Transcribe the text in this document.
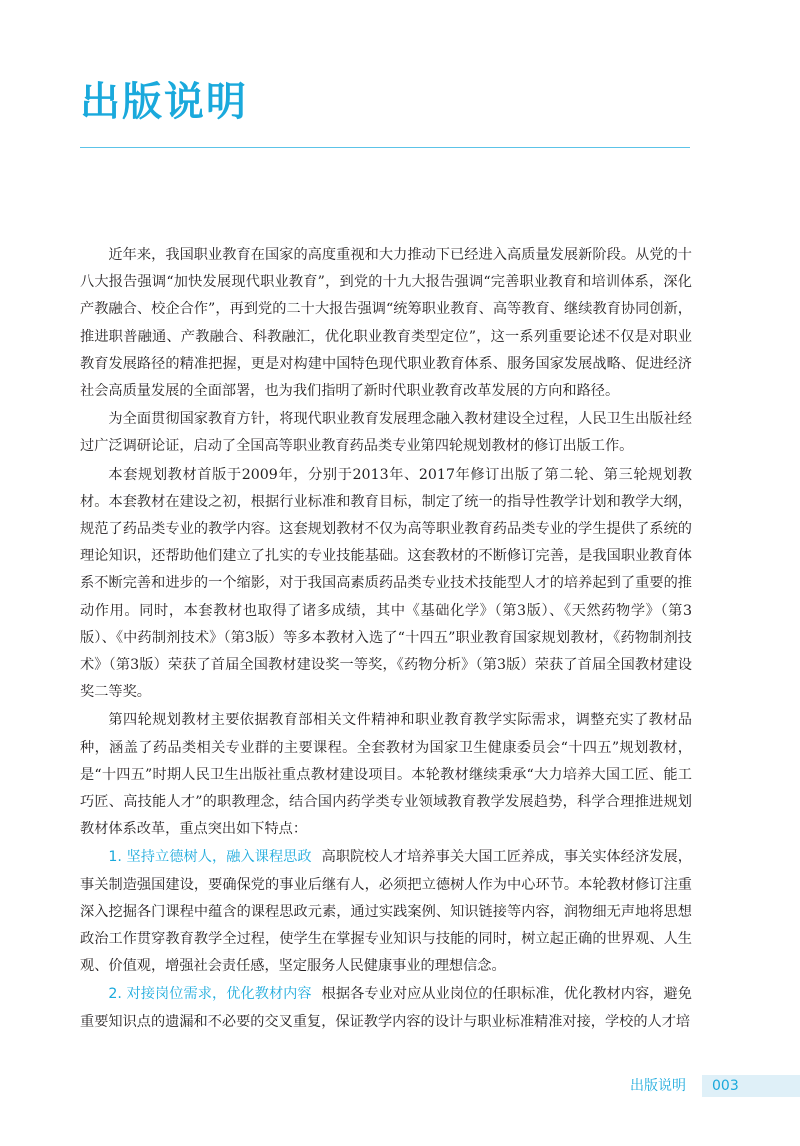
出版说明

近年来，我国职业教育在国家的高度重视和大力推动下已经进入高质量发展新阶段。从党的十八大报告强调“加快发展现代职业教育”，到党的十九大报告强调“完善职业教育和培训体系，深化产教融合、校企合作”，再到党的二十大报告强调“统筹职业教育、高等教育、继续教育协同创新，推进职普融通、产教融合、科教融汇，优化职业教育类型定位”，这一系列重要论述不仅是对职业教育发展路径的精准把握，更是对构建中国特色现代职业教育体系、服务国家发展战略、促进经济社会高质量发展的全面部署，也为我们指明了新时代职业教育改革发展的方向和路径。

为全面贯彻国家教育方针，将现代职业教育发展理念融入教材建设全过程，人民卫生出版社经过广泛调研论证，启动了全国高等职业教育药品类专业第四轮规划教材的修订出版工作。

本套规划教材首版于2009年，分别于2013年、2017年修订出版了第二轮、第三轮规划教材。本套教材在建设之初，根据行业标准和教育目标，制定了统一的指导性教学计划和教学大纲，规范了药品类专业的教学内容。这套规划教材不仅为高等职业教育药品类专业的学生提供了系统的理论知识，还帮助他们建立了扎实的专业技能基础。这套教材的不断修订完善，是我国职业教育体系不断完善和进步的一个缩影，对于我国高素质药品类专业技术技能型人才的培养起到了重要的推动作用。同时，本套教材也取得了诸多成绩，其中《基础化学》（第3版）、《天然药物学》（第3版）、《中药制剂技术》（第3版）等多本教材入选了“十四五”职业教育国家规划教材，《药物制剂技术》（第3版）荣获了首届全国教材建设奖一等奖，《药物分析》（第3版）荣获了首届全国教材建设奖二等奖。

第四轮规划教材主要依据教育部相关文件精神和职业教育教学实际需求，调整充实了教材品种，涵盖了药品类相关专业群的主要课程。全套教材为国家卫生健康委员会“十四五”规划教材，是“十四五”时期人民卫生出版社重点教材建设项目。本轮教材继续秉承“大力培养大国工匠、能工巧匠、高技能人才”的职教理念，结合国内药学类专业领域教育教学发展趋势，科学合理推进规划教材体系改革，重点突出如下特点：

1. 坚持立德树人，融入课程思政 高职院校人才培养事关大国工匠养成，事关实体经济发展，事关制造强国建设，要确保党的事业后继有人，必须把立德树人作为中心环节。本轮教材修订注重深入挖掘各门课程中蕴含的课程思政元素，通过实践案例、知识链接等内容，润物细无声地将思想政治工作贯穿教育教学全过程，使学生在掌握专业知识与技能的同时，树立起正确的世界观、人生观、价值观，增强社会责任感，坚定服务人民健康事业的理想信念。

2. 对接岗位需求，优化教材内容 根据各专业对应从业岗位的任职标准，优化教材内容，避免重要知识点的遗漏和不必要的交叉重复，保证教学内容的设计与职业标准精准对接，学校的人才培

出版说明 003
